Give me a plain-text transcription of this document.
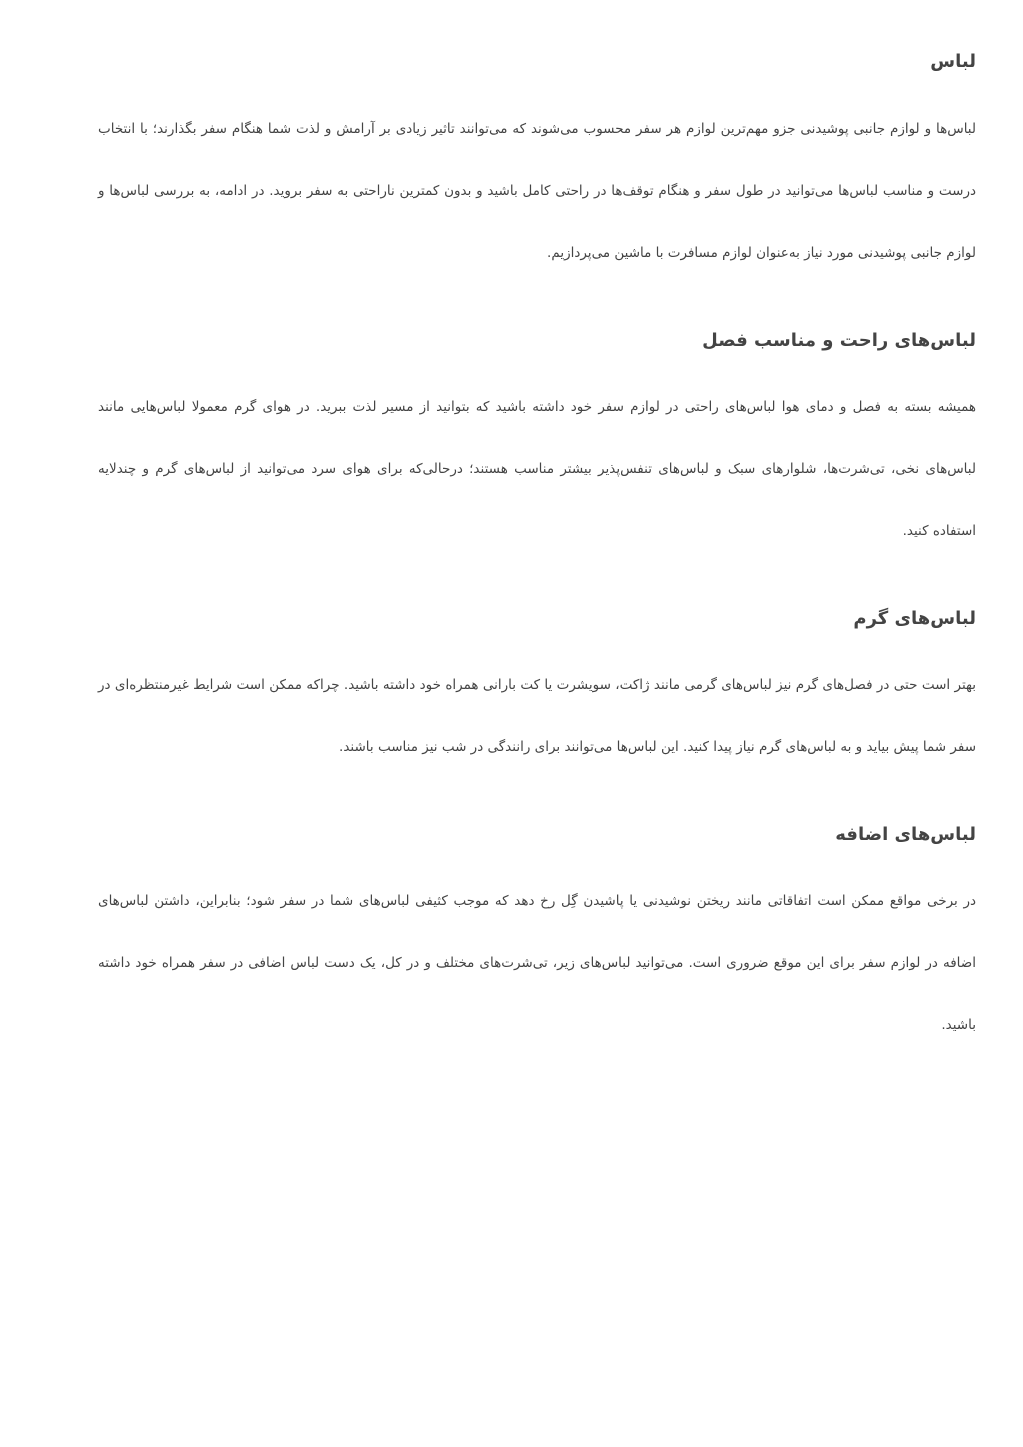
لباس

لباس‌ها و لوازم جانبی پوشیدنی جزو مهم‌ترین لوازم هر سفر محسوب می‌شوند که می‌توانند تاثیر زیادی بر آرامش و لذت شما هنگام سفر بگذارند؛ با انتخاب درست و مناسب لباس‌ها می‌توانید در طول سفر و هنگام توقف‌ها در راحتی کامل باشید و بدون کمترین ناراحتی به سفر بروید. در ادامه، به بررسی لباس‌ها و لوازم جانبی پوشیدنی مورد نیاز به‌عنوان لوازم مسافرت با ماشین می‌پردازیم.

لباس‌های راحت و مناسب فصل

همیشه بسته به فصل و دمای هوا لباس‌های راحتی در لوازم سفر خود داشته باشید که بتوانید از مسیر لذت ببرید. در هوای گرم معمولا لباس‌هایی مانند لباس‌های نخی، تی‌شرت‌ها، شلوارهای سبک و لباس‌های تنفس‌پذیر بیشتر مناسب هستند؛ درحالی‌که برای هوای سرد می‌توانید از لباس‌های گرم و چندلایه استفاده کنید.

لباس‌های گرم

بهتر است حتی در فصل‌های گرم نیز لباس‌های گرمی مانند ژاکت، سویشرت یا کت بارانی همراه خود داشته باشید. چراکه ممکن است شرایط غیرمنتظره‌ای در سفر شما پیش بیاید و به لباس‌های گرم نیاز پیدا کنید. این لباس‌ها می‌توانند برای رانندگی در شب نیز مناسب باشند.

لباس‌های اضافه

در برخی مواقع ممکن است اتفاقاتی مانند ریختن نوشیدنی یا پاشیدن گِل رخ دهد که موجب کثیفی لباس‌های شما در سفر شود؛ بنابراین، داشتن لباس‌های اضافه در لوازم سفر برای این موقع ضروری است. می‌توانید لباس‌های زیر، تی‌شرت‌های مختلف و در کل، یک دست لباس اضافی در سفر همراه خود داشته باشید.
